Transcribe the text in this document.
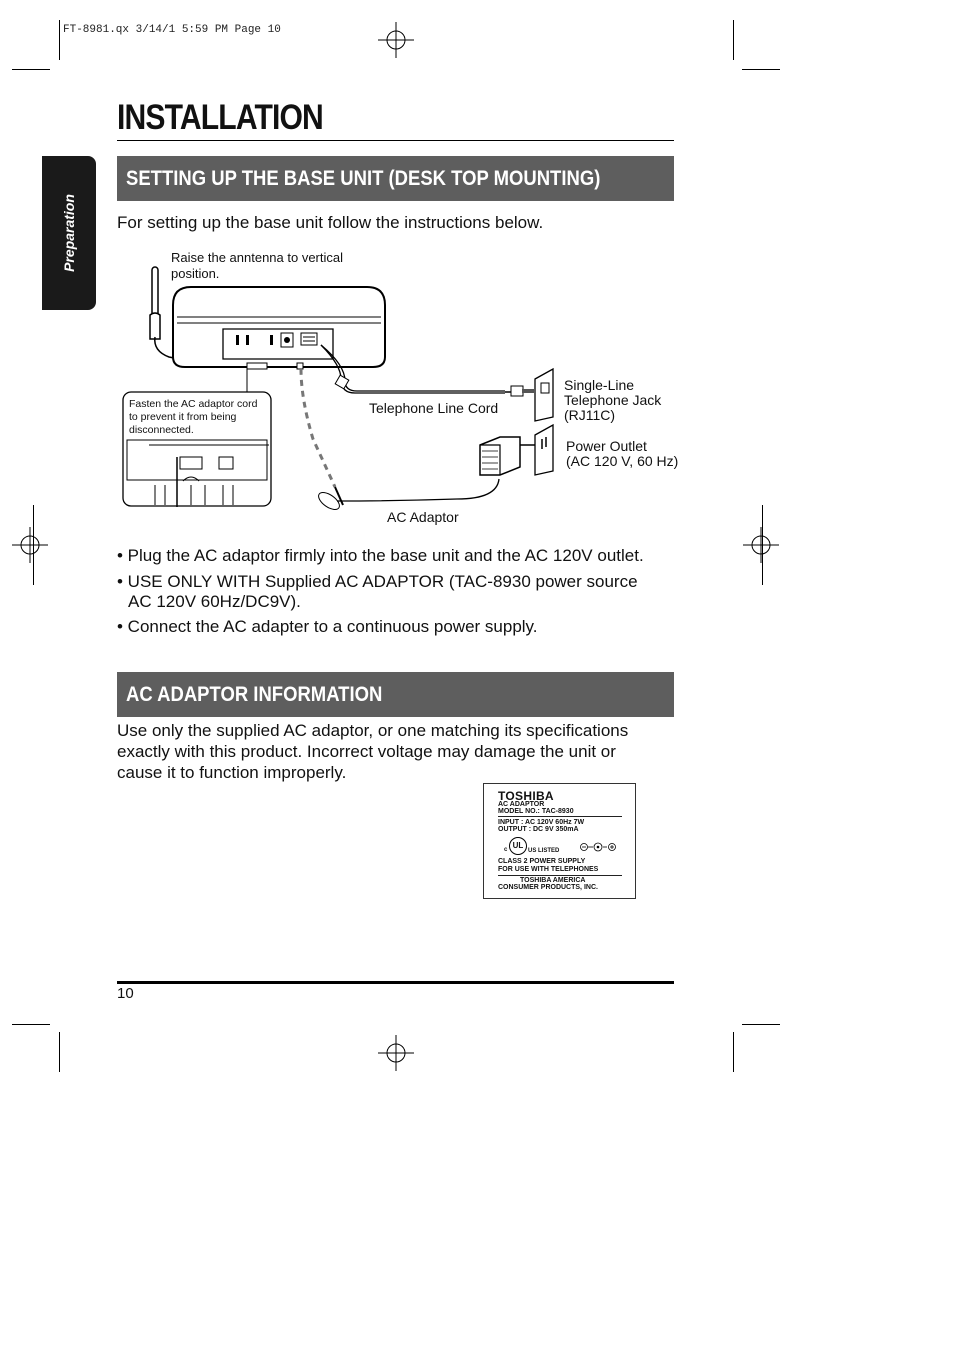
FT-8981.qx 3/14/1 5:59 PM Page 10
Preparation
INSTALLATION
SETTING UP THE BASE UNIT (DESK TOP MOUNTING)
For setting up the base unit follow the instructions below.
Raise the anntenna to vertical
position.
Fasten the AC adaptor cord
to prevent it from being
disconnected.
Telephone Line Cord
Single-Line
Telephone Jack
(RJ11C)
Power Outlet
(AC 120 V, 60 Hz)
AC Adaptor
• Plug the AC adaptor firmly into the base unit and the AC 120V outlet.
• USE ONLY WITH Supplied AC ADAPTOR (TAC-8930 power source
AC 120V 60Hz/DC9V).
• Connect the AC adapter to a continuous power supply.
AC ADAPTOR INFORMATION
Use only the supplied AC adaptor, or one matching its specifications
exactly with this product. Incorrect voltage may damage the unit or
cause it to function improperly.
TOSHIBA
AC ADAPTOR
MODEL NO.: TAC-8930
INPUT : AC 120V 60Hz 7W
OUTPUT : DC 9V 350mA
c UL
US LISTED
CLASS 2 POWER SUPPLY
FOR USE WITH TELEPHONES
TOSHIBA AMERICA
CONSUMER PRODUCTS, INC.
10
